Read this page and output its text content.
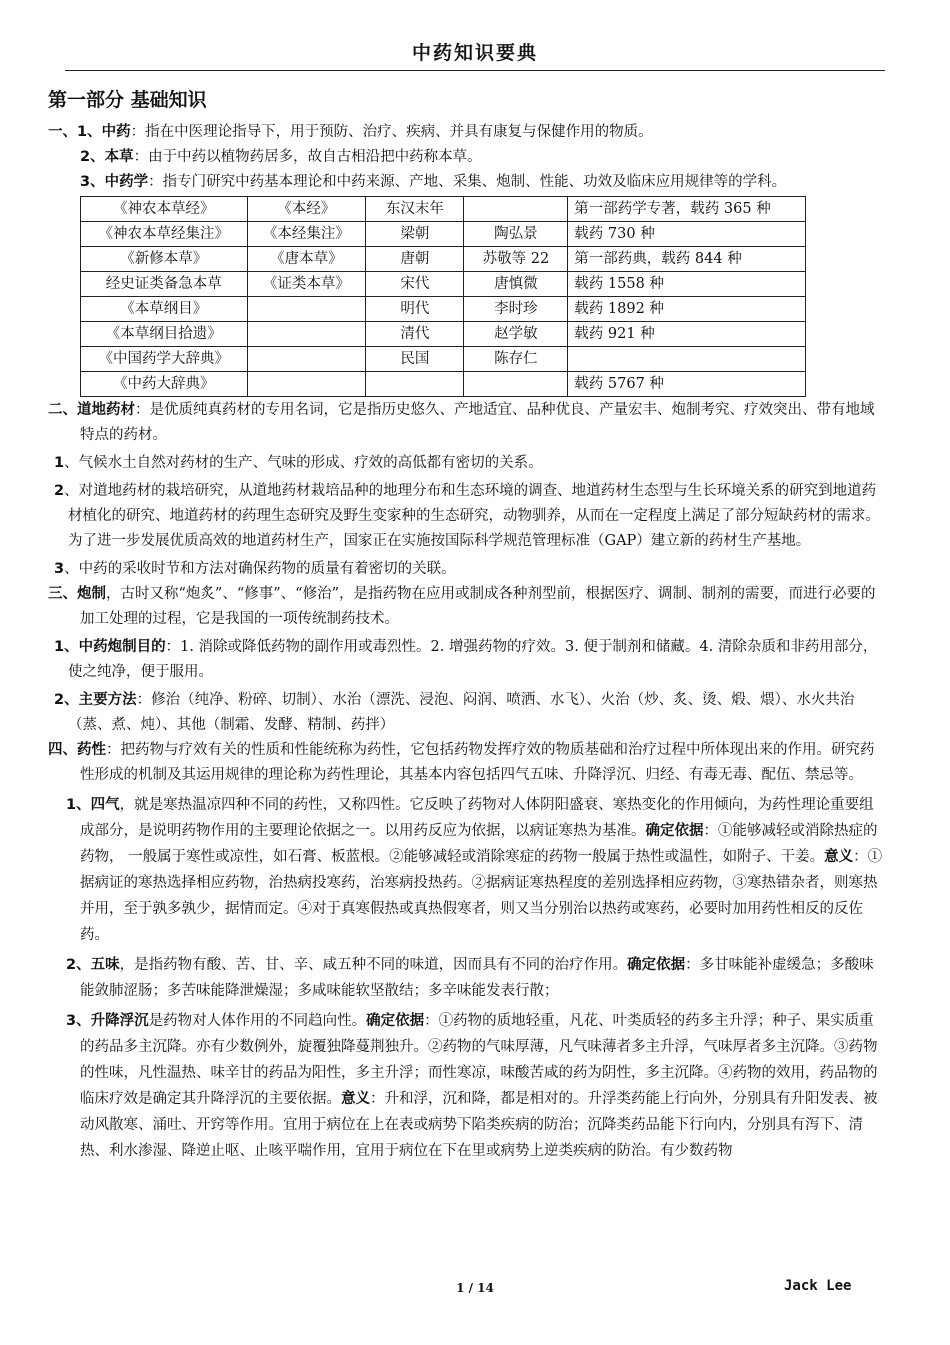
中药知识要典
第一部分 基础知识

一、1、中药：指在中医理论指导下，用于预防、治疗、疾病、并具有康复与保健作用的物质。

2、本草：由于中药以植物药居多，故自古相沿把中药称本草。

3、中药学：指专门研究中药基本理论和中药来源、产地、采集、炮制、性能、功效及临床应用规律等的学科。

《神农本草经》	《本经》	东汉末年		第一部药学专著，载药 365 种
《神农本草经集注》	《本经集注》	梁朝	陶弘景	载药 730 种
《新修本草》	《唐本草》	唐朝	苏敬等 22	第一部药典，载药 844 种
经史证类备急本草	《证类本草》	宋代	唐慎微	载药 1558 种
《本草纲目》		明代	李时珍	载药 1892 种
《本草纲目拾遗》		清代	赵学敏	载药 921 种
《中国药学大辞典》		民国	陈存仁	
《中药大辞典》				载药 5767 种

二、道地药材：是优质纯真药材的专用名词，它是指历史悠久、产地适宜、品种优良、产量宏丰、炮制考究、疗效突出、带有地域特点的药材。

1、气候水土自然对药材的生产、气味的形成、疗效的高低都有密切的关系。

2、对道地药材的栽培研究，从道地药材栽培品种的地理分布和生态环境的调查、地道药材生态型与生长环境关系的研究到地道药材植化的研究、地道药材的药理生态研究及野生变家种的生态研究，动物驯养，从而在一定程度上满足了部分短缺药材的需求。为了进一步发展优质高效的地道药材生产，国家正在实施按国际科学规范管理标准（GAP）建立新的药材生产基地。

3、中药的采收时节和方法对确保药物的质量有着密切的关联。

三、炮制，古时又称“炮炙”、“修事”、“修治”，是指药物在应用或制成各种剂型前，根据医疗、调制、制剂的需要，而进行必要的加工处理的过程，它是我国的一项传统制药技术。

1、中药炮制目的：1. 消除或降低药物的副作用或毒烈性。2. 增强药物的疗效。3. 便于制剂和储藏。4. 清除杂质和非药用部分，使之纯净，便于服用。

2、主要方法：修治（纯净、粉碎、切制）、水治（漂洗、浸泡、闷润、喷洒、水飞）、火治（炒、炙、烫、煅、煨）、水火共治（蒸、煮、炖）、其他（制霜、发酵、精制、药拌）

四、药性：把药物与疗效有关的性质和性能统称为药性，它包括药物发挥疗效的物质基础和治疗过程中所体现出来的作用。研究药性形成的机制及其运用规律的理论称为药性理论，其基本内容包括四气五味、升降浮沉、归经、有毒无毒、配伍、禁忌等。

1、四气，就是寒热温凉四种不同的药性，又称四性。它反映了药物对人体阴阳盛衰、寒热变化的作用倾向，为药性理论重要组成部分，是说明药物作用的主要理论依据之一。以用药反应为依据，以病证寒热为基准。确定依据：①能够减轻或消除热症的药物， 一般属于寒性或凉性，如石膏、板蓝根。②能够减轻或消除寒症的药物一般属于热性或温性，如附子、干姜。意义：①据病证的寒热选择相应药物，治热病投寒药，治寒病投热药。②据病证寒热程度的差别选择相应药物，③寒热错杂者，则寒热并用，至于孰多孰少，据情而定。④对于真寒假热或真热假寒者，则又当分别治以热药或寒药，必要时加用药性相反的反佐药。

2、五味，是指药物有酸、苦、甘、辛、咸五种不同的味道，因而具有不同的治疗作用。确定依据：多甘味能补虚缓急；多酸味能敛肺涩肠；多苦味能降泄燥湿；多咸味能软坚散结；多辛味能发表行散；

3、升降浮沉是药物对人体作用的不同趋向性。确定依据：①药物的质地轻重，凡花、叶类质轻的药多主升浮；种子、果实质重的药品多主沉降。亦有少数例外，旋覆独降蔓荆独升。②药物的气味厚薄，凡气味薄者多主升浮，气味厚者多主沉降。③药物的性味，凡性温热、味辛甘的药品为阳性，多主升浮；而性寒凉，味酸苦咸的药为阴性，多主沉降。④药物的效用，药品物的临床疗效是确定其升降浮沉的主要依据。意义：升和浮，沉和降，都是相对的。升浮类药能上行向外，分别具有升阳发表、被动风散寒、涌吐、开窍等作用。宜用于病位在上在表或病势下陷类疾病的防治；沉降类药品能下行向内，分别具有泻下、清热、利水渗湿、降逆止呕、止咳平喘作用，宜用于病位在下在里或病势上逆类疾病的防治。有少数药物

1 / 14	Jack Lee
